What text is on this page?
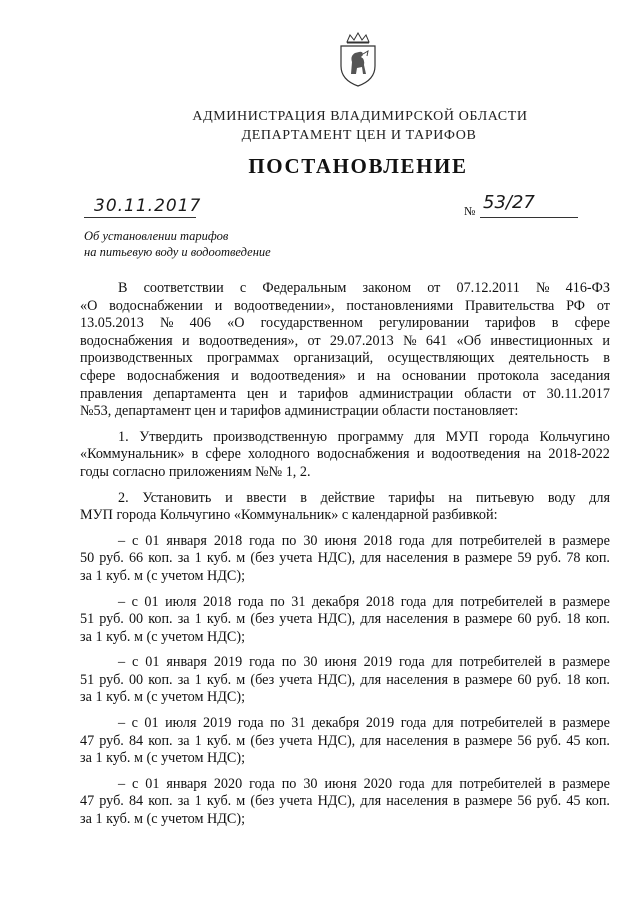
АДМИНИСТРАЦИЯ ВЛАДИМИРСКОЙ ОБЛАСТИ
ДЕПАРТАМЕНТ ЦЕН И ТАРИФОВ
ПОСТАНОВЛЕНИЕ
30.11.2017	№ 53/27
Об установлении тарифов
на питьевую воду и водоотведение
В соответствии с Федеральным законом от 07.12.2011 № 416-ФЗ
«О водоснабжении и водоотведении», постановлениями Правительства РФ от
13.05.2013 № 406 «О государственном регулировании тарифов в сфере
водоснабжения и водоотведения», от 29.07.2013 № 641 «Об инвестиционных и
производственных программах организаций, осуществляющих деятельность в
сфере водоснабжения и водоотведения» и на основании протокола заседания
правления департамента цен и тарифов администрации области от 30.11.2017
№53, департамент цен и тарифов администрации области постановляет:
1. Утвердить производственную программу для МУП города Кольчугино
«Коммунальник» в сфере холодного водоснабжения и водоотведения на 2018-2022
годы согласно приложениям №№ 1, 2.
2. Установить и ввести в действие тарифы на питьевую воду для
МУП города Кольчугино «Коммунальник» с календарной разбивкой:
– с 01 января 2018 года по 30 июня 2018 года для потребителей в размере
50 руб. 66 коп. за 1 куб. м (без учета НДС), для населения в размере 59 руб. 78 коп.
за 1 куб. м (с учетом НДС);
– с 01 июля 2018 года по 31 декабря 2018 года для потребителей в размере
51 руб. 00 коп. за 1 куб. м (без учета НДС), для населения в размере 60 руб. 18 коп.
за 1 куб. м (с учетом НДС);
– с 01 января 2019 года по 30 июня 2019 года для потребителей в размере
51 руб. 00 коп. за 1 куб. м (без учета НДС), для населения в размере 60 руб. 18 коп.
за 1 куб. м (с учетом НДС);
– с 01 июля 2019 года по 31 декабря 2019 года для потребителей в размере
47 руб. 84 коп. за 1 куб. м (без учета НДС), для населения в размере 56 руб. 45 коп.
за 1 куб. м (с учетом НДС);
– с 01 января 2020 года по 30 июня 2020 года для потребителей в размере
47 руб. 84 коп. за 1 куб. м (без учета НДС), для населения в размере 56 руб. 45 коп.
за 1 куб. м (с учетом НДС);
